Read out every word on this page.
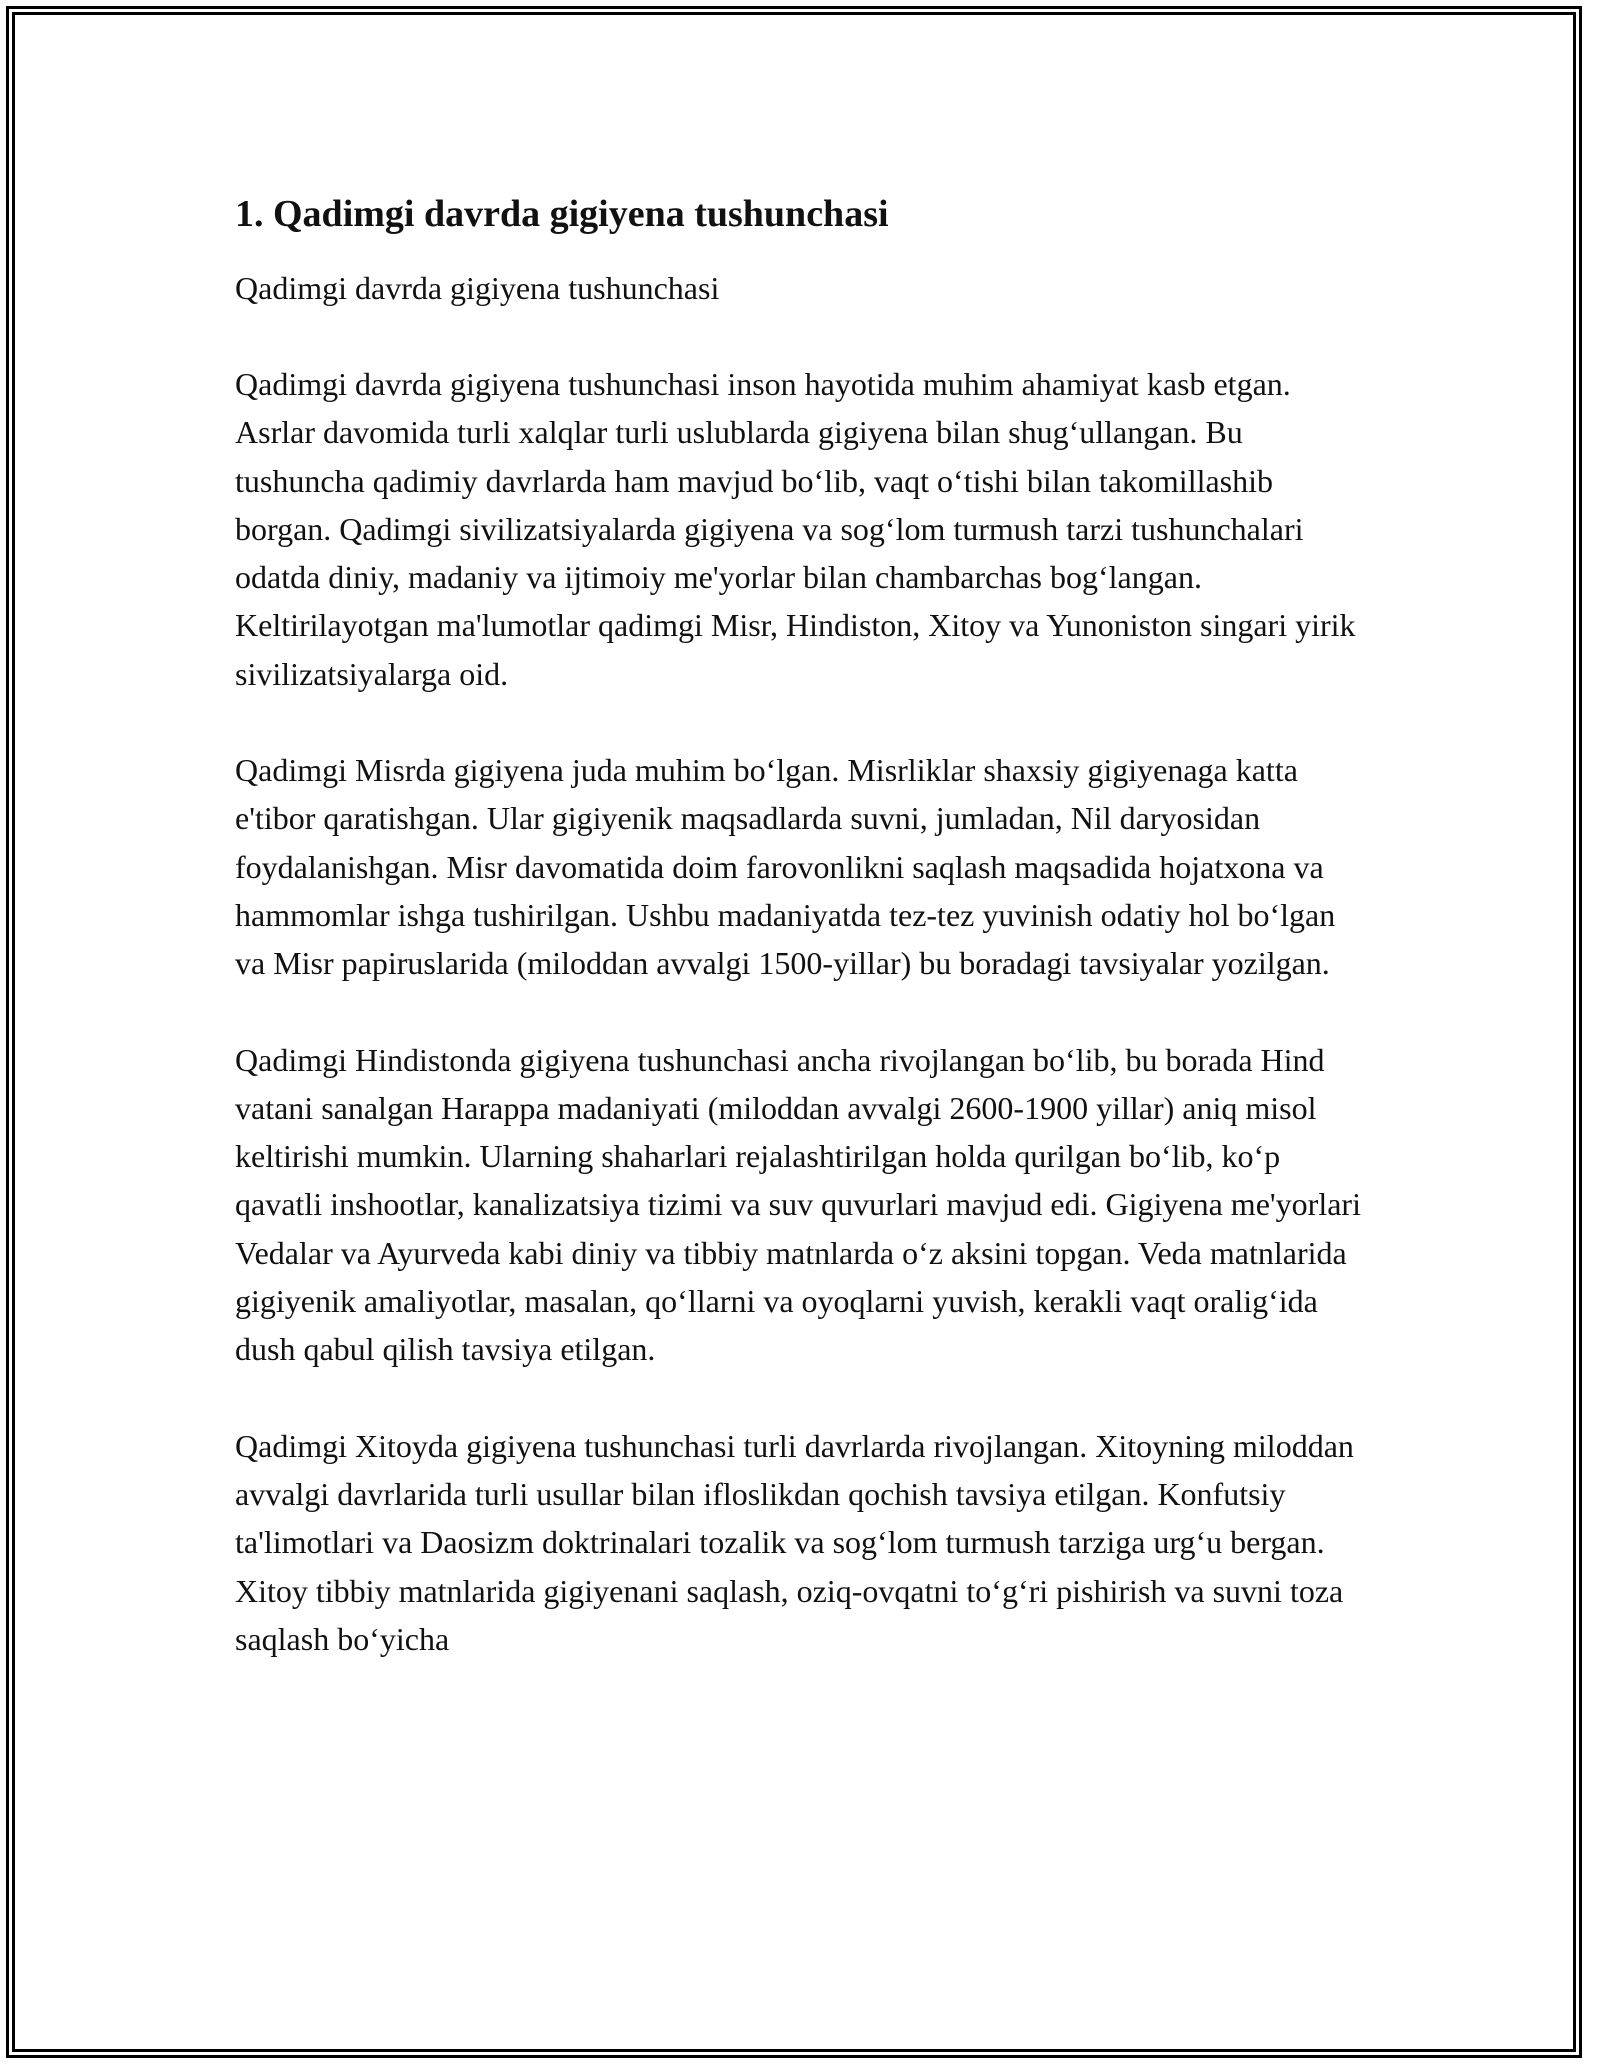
1. Qadimgi davrda gigiyena tushunchasi

Qadimgi davrda gigiyena tushunchasi

Qadimgi davrda gigiyena tushunchasi inson hayotida muhim ahamiyat kasb etgan. Asrlar davomida turli xalqlar turli uslublarda gigiyena bilan shug‘ullangan. Bu tushuncha qadimiy davrlarda ham mavjud bo‘lib, vaqt o‘tishi bilan takomillashib borgan. Qadimgi sivilizatsiyalarda gigiyena va sog‘lom turmush tarzi tushunchalari odatda diniy, madaniy va ijtimoiy me'yorlar bilan chambarchas bog‘langan. Keltirilayotgan ma'lumotlar qadimgi Misr, Hindiston, Xitoy va Yunoniston singari yirik sivilizatsiyalarga oid.

Qadimgi Misrda gigiyena juda muhim bo‘lgan. Misrliklar shaxsiy gigiyenaga katta e'tibor qaratishgan. Ular gigiyenik maqsadlarda suvni, jumladan, Nil daryosidan foydalanishgan. Misr davomatida doim farovonlikni saqlash maqsadida hojatxona va hammomlar ishga tushirilgan. Ushbu madaniyatda tez-tez yuvinish odatiy hol bo‘lgan va Misr papiruslarida (miloddan avvalgi 1500-yillar) bu boradagi tavsiyalar yozilgan.

Qadimgi Hindistonda gigiyena tushunchasi ancha rivojlangan bo‘lib, bu borada Hind vatani sanalgan Harappa madaniyati (miloddan avvalgi 2600-1900 yillar) aniq misol keltirishi mumkin. Ularning shaharlari rejalashtirilgan holda qurilgan bo‘lib, ko‘p qavatli inshootlar, kanalizatsiya tizimi va suv quvurlari mavjud edi. Gigiyena me'yorlari Vedalar va Ayurveda kabi diniy va tibbiy matnlarda o‘z aksini topgan. Veda matnlarida gigiyenik amaliyotlar, masalan, qo‘llarni va oyoqlarni yuvish, kerakli vaqt oralig‘ida dush qabul qilish tavsiya etilgan.

Qadimgi Xitoyda gigiyena tushunchasi turli davrlarda rivojlangan. Xitoyning miloddan avvalgi davrlarida turli usullar bilan ifloslikdan qochish tavsiya etilgan. Konfutsiy ta'limotlari va Daosizm doktrinalari tozalik va sog‘lom turmush tarziga urg‘u bergan. Xitoy tibbiy matnlarida gigiyenani saqlash, oziq-ovqatni to‘g‘ri pishirish va suvni toza saqlash bo‘yicha
